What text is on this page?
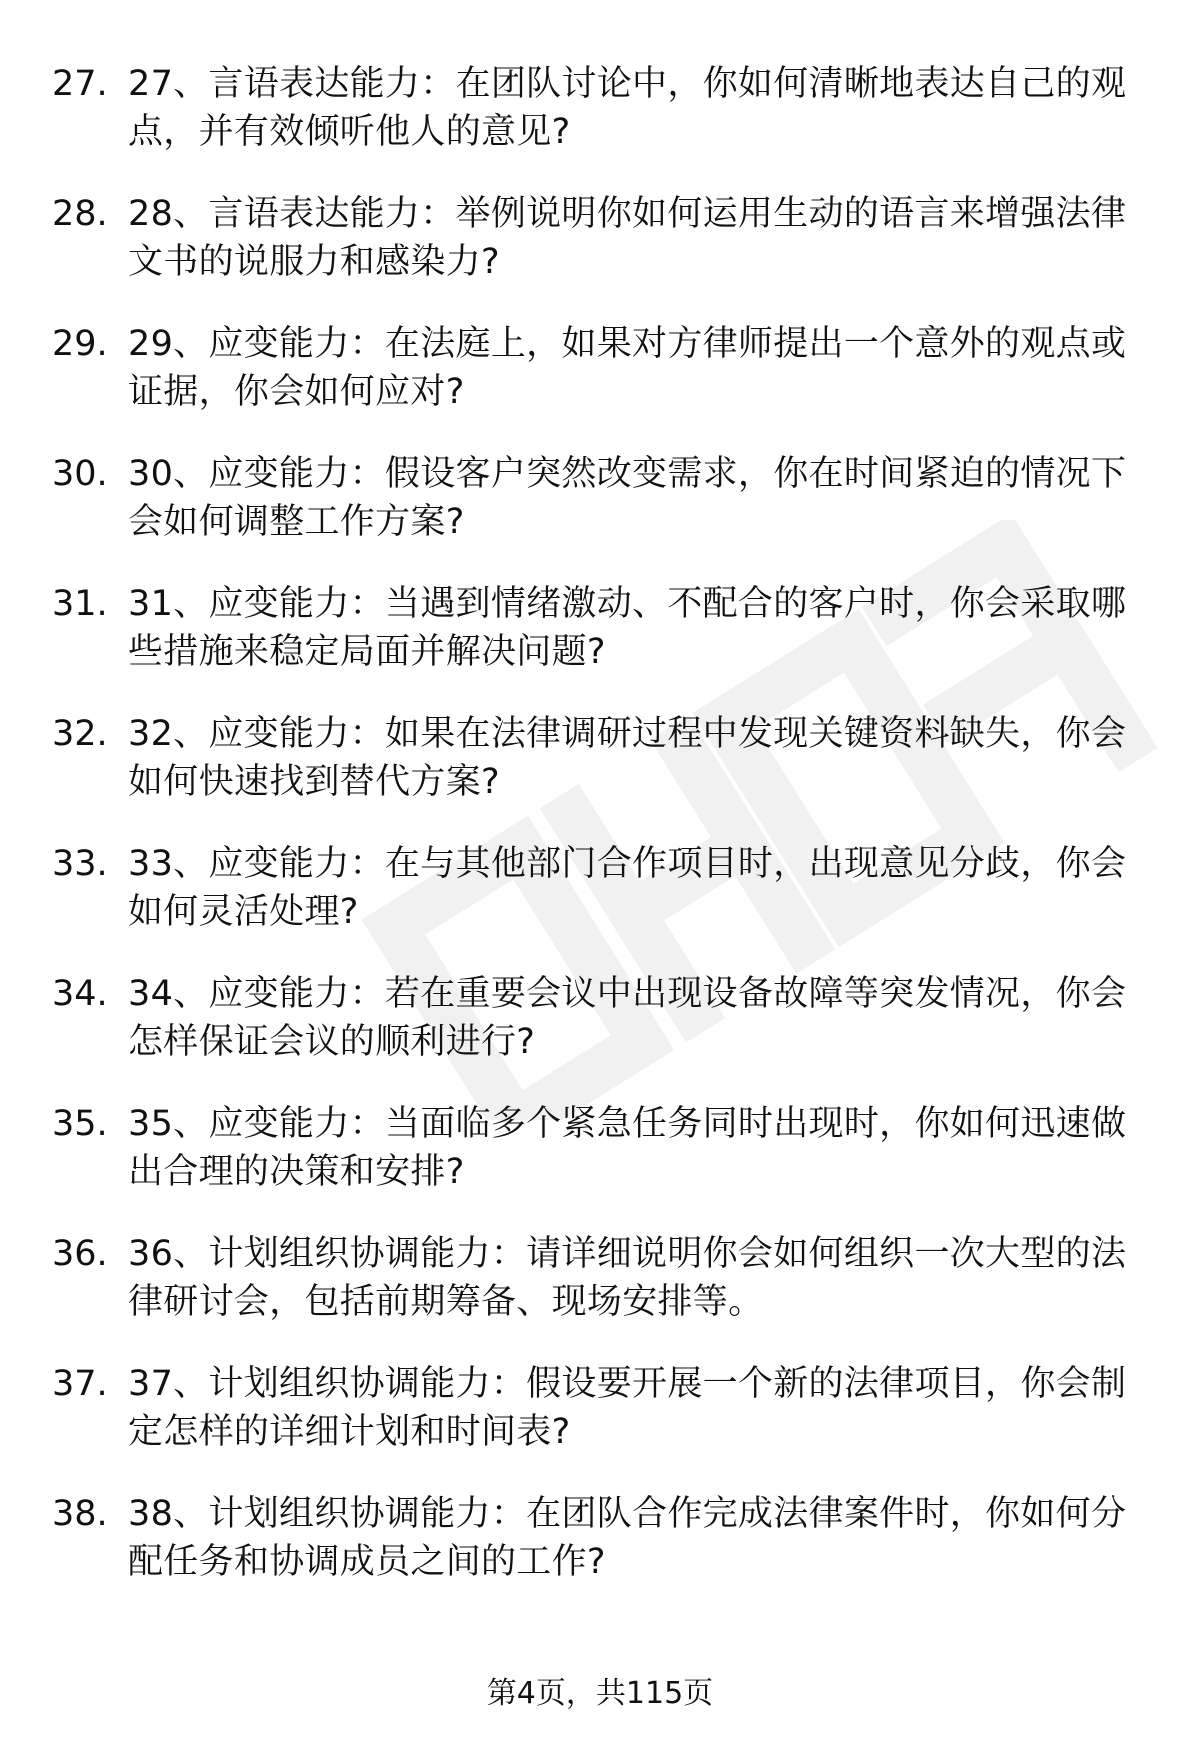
27. 27、言语表达能力：在团队讨论中，你如何清晰地表达自己的观点，并有效倾听他人的意见?
28. 28、言语表达能力：举例说明你如何运用生动的语言来增强法律文书的说服力和感染力?
29. 29、应变能力：在法庭上，如果对方律师提出一个意外的观点或证据，你会如何应对?
30. 30、应变能力：假设客户突然改变需求，你在时间紧迫的情况下会如何调整工作方案?
31. 31、应变能力：当遇到情绪激动、不配合的客户时，你会采取哪些措施来稳定局面并解决问题?
32. 32、应变能力：如果在法律调研过程中发现关键资料缺失，你会如何快速找到替代方案?
33. 33、应变能力：在与其他部门合作项目时，出现意见分歧，你会如何灵活处理?
34. 34、应变能力：若在重要会议中出现设备故障等突发情况，你会怎样保证会议的顺利进行?
35. 35、应变能力：当面临多个紧急任务同时出现时，你如何迅速做出合理的决策和安排?
36. 36、计划组织协调能力：请详细说明你会如何组织一次大型的法律研讨会，包括前期筹备、现场安排等。
37. 37、计划组织协调能力：假设要开展一个新的法律项目，你会制定怎样的详细计划和时间表?
38. 38、计划组织协调能力：在团队合作完成法律案件时，你如何分配任务和协调成员之间的工作?
第4页，共115页
